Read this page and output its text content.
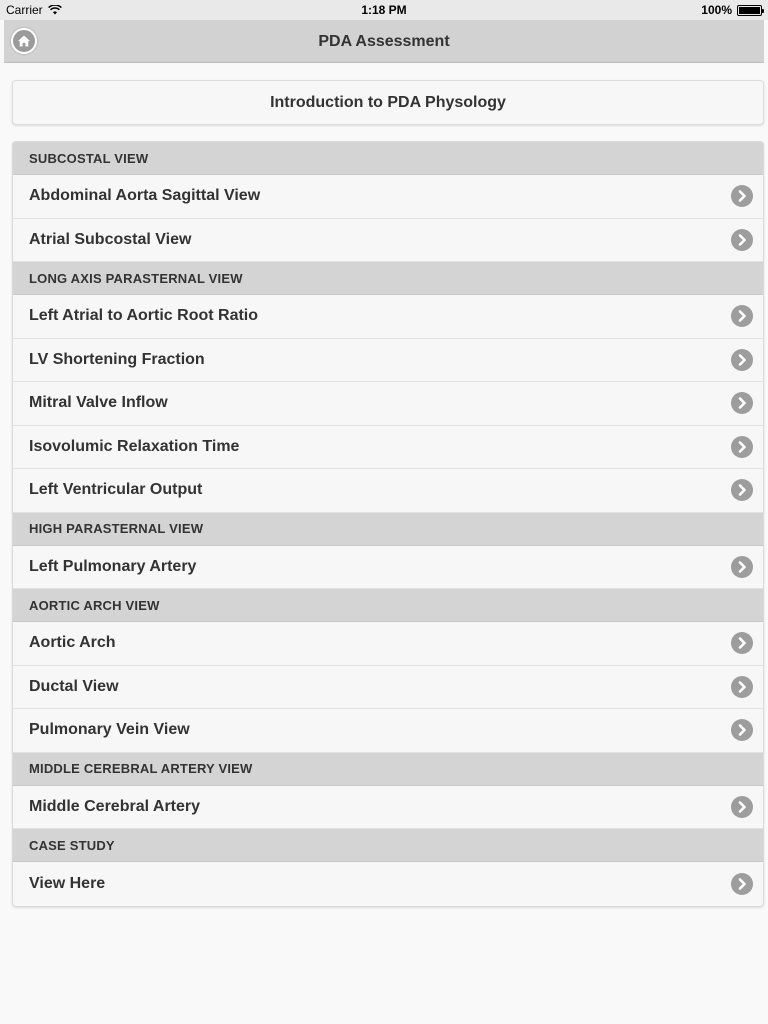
Carrier	1:18 PM	100%
PDA Assessment
Introduction to PDA Physology
SUBCOSTAL VIEW
Abdominal Aorta Sagittal View
Atrial Subcostal View
LONG AXIS PARASTERNAL VIEW
Left Atrial to Aortic Root Ratio
LV Shortening Fraction
Mitral Valve Inflow
Isovolumic Relaxation Time
Left Ventricular Output
HIGH PARASTERNAL VIEW
Left Pulmonary Artery
AORTIC ARCH VIEW
Aortic Arch
Ductal View
Pulmonary Vein View
MIDDLE CEREBRAL ARTERY VIEW
Middle Cerebral Artery
CASE STUDY
View Here
